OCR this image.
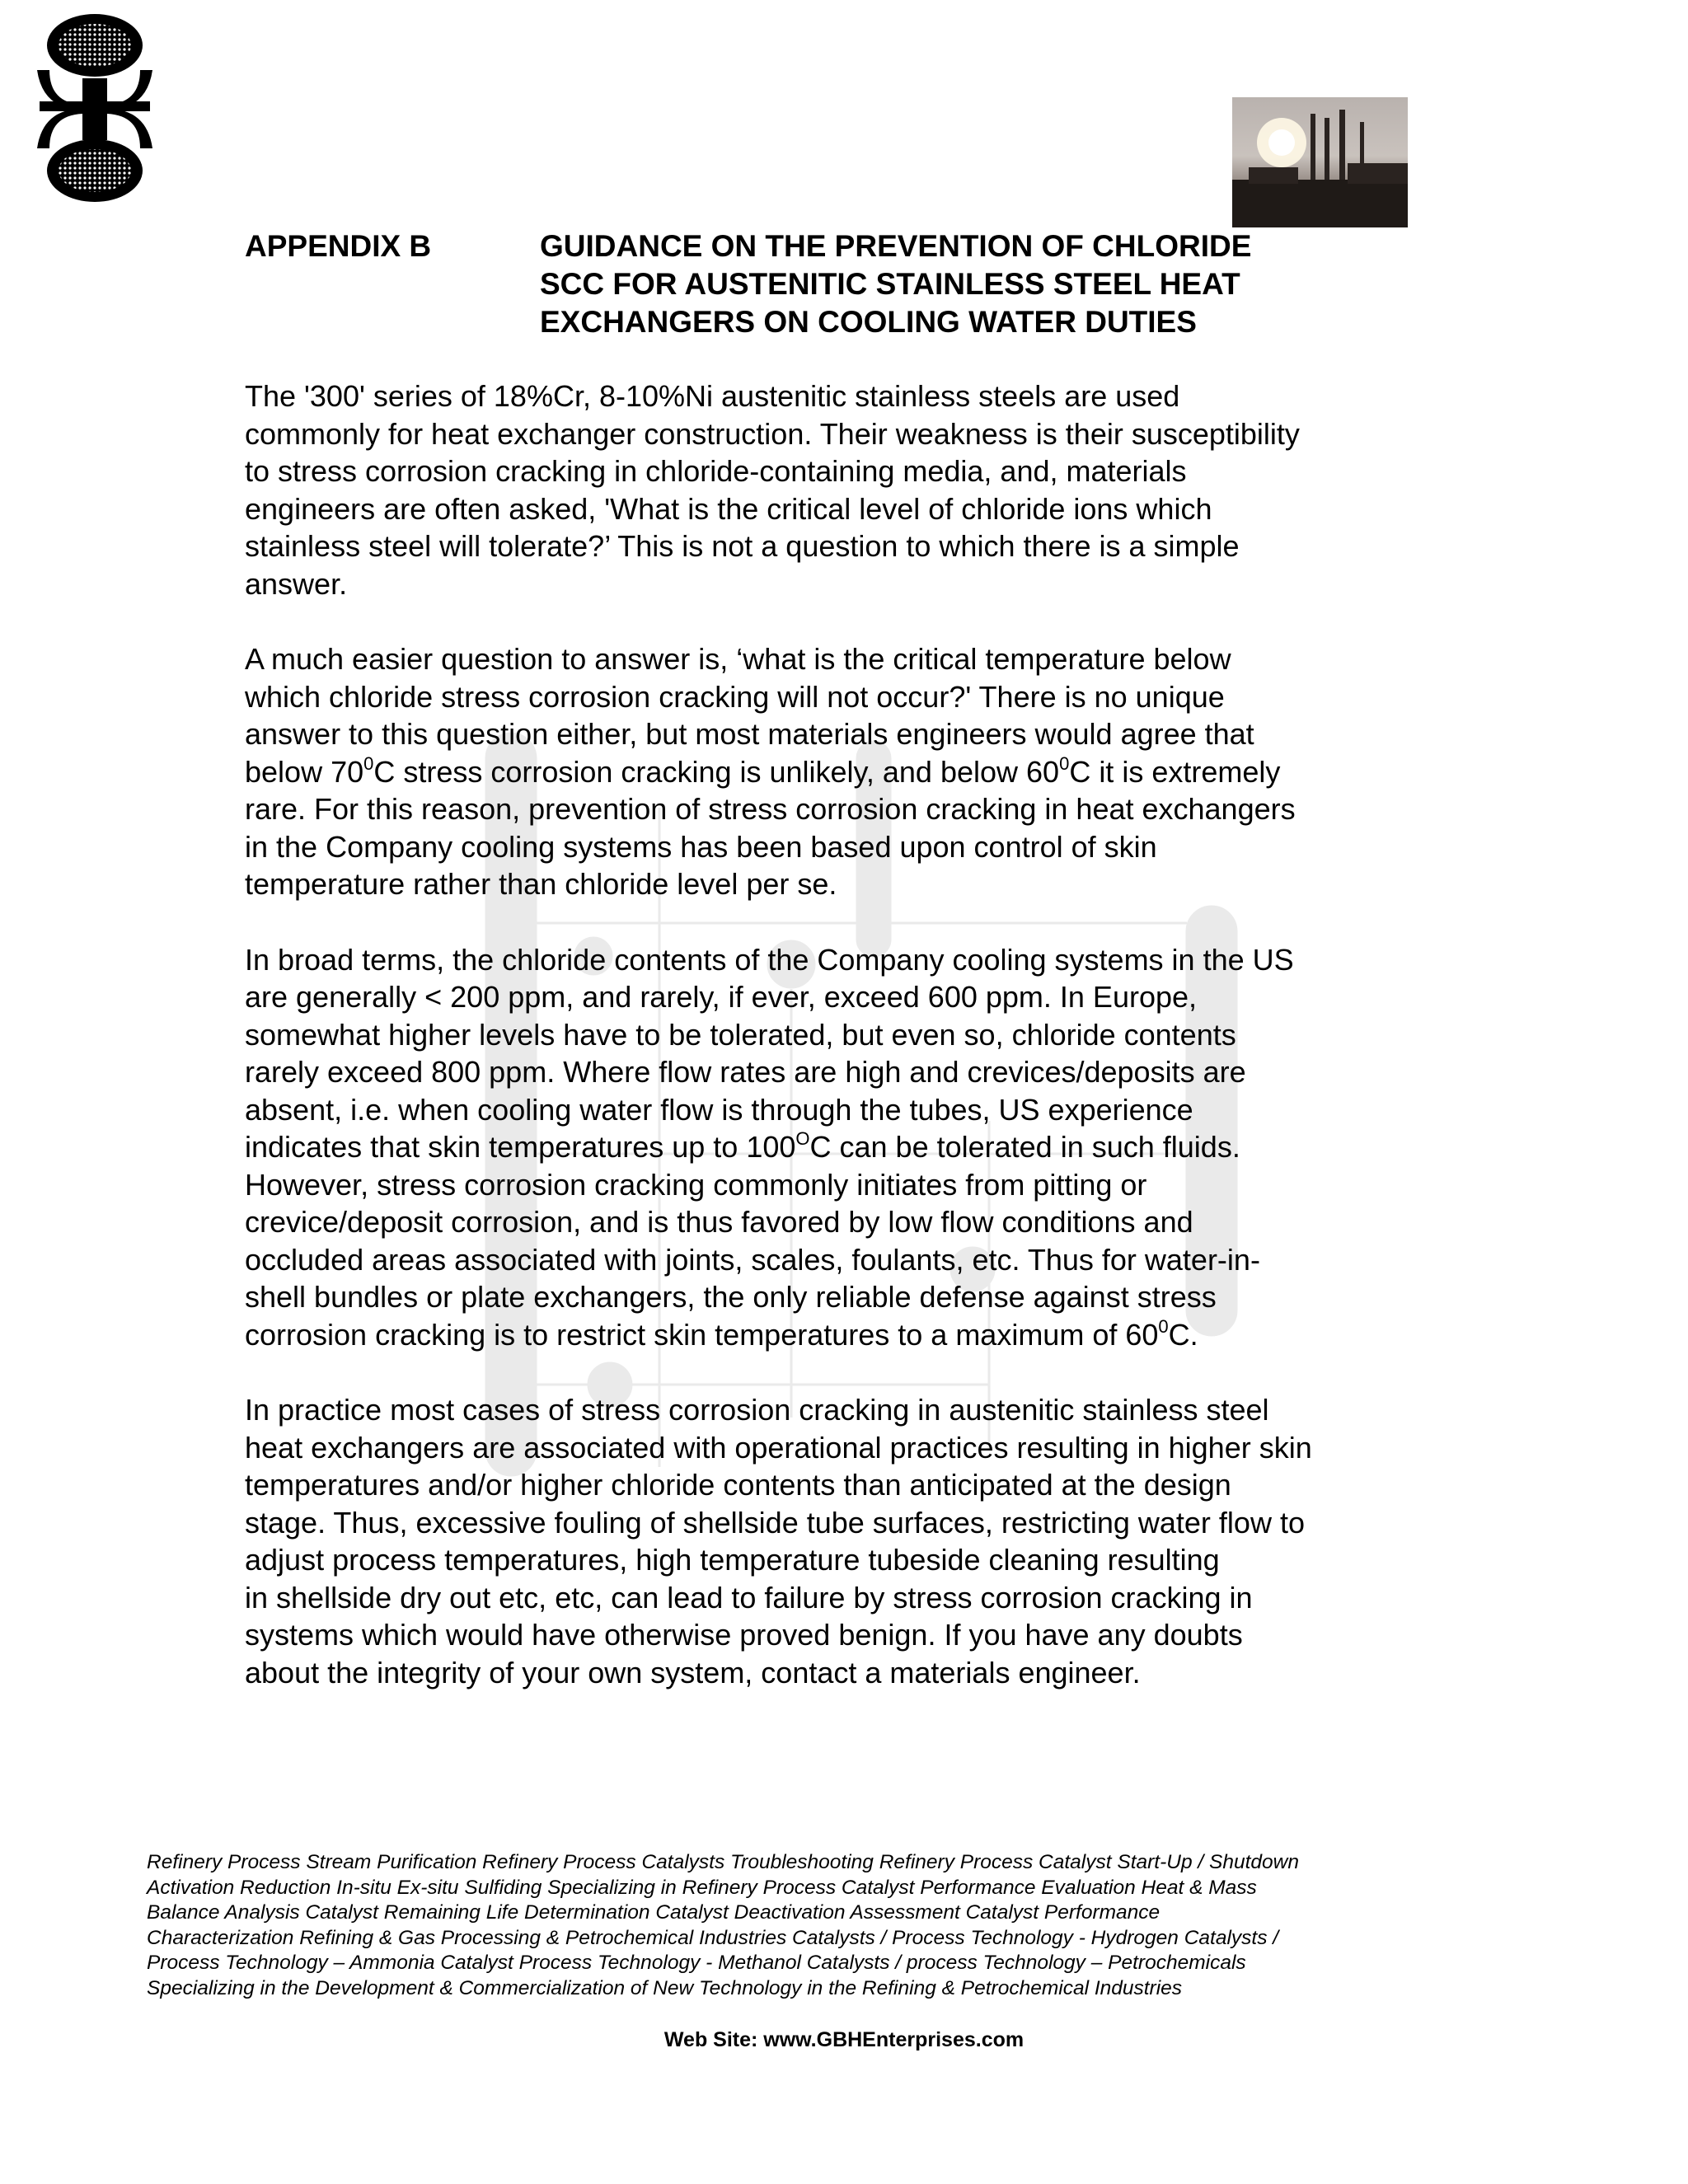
APPENDIX B	GUIDANCE ON THE PREVENTION OF CHLORIDE
SCC FOR AUSTENITIC STAINLESS STEEL HEAT
EXCHANGERS ON COOLING WATER DUTIES

The '300' series of 18%Cr, 8-10%Ni austenitic stainless steels are used
commonly for heat exchanger construction. Their weakness is their susceptibility
to stress corrosion cracking in chloride-containing media, and, materials
engineers are often asked, 'What is the critical level of chloride ions which
stainless steel will tolerate?’ This is not a question to which there is a simple
answer.

A much easier question to answer is, ‘what is the critical temperature below
which chloride stress corrosion cracking will not occur?' There is no unique
answer to this question either, but most materials engineers would agree that
below $70^0C$ stress corrosion cracking is unlikely, and below $60^0C$ it is extremely
rare. For this reason, prevention of stress corrosion cracking in heat exchangers
in the Company cooling systems has been based upon control of skin
temperature rather than chloride level per se.

In broad terms, the chloride contents of the Company cooling systems in the US
are generally < 200 ppm, and rarely, if ever, exceed 600 ppm. In Europe,
somewhat higher levels have to be tolerated, but even so, chloride contents
rarely exceed 800 ppm. Where flow rates are high and crevices/deposits are
absent, i.e. when cooling water flow is through the tubes, US experience
indicates that skin temperatures up to $100^OC$ can be tolerated in such fluids.
However, stress corrosion cracking commonly initiates from pitting or
crevice/deposit corrosion, and is thus favored by low flow conditions and
occluded areas associated with joints, scales, foulants, etc. Thus for water-in-
shell bundles or plate exchangers, the only reliable defense against stress
corrosion cracking is to restrict skin temperatures to a maximum of $60^0C$.

In practice most cases of stress corrosion cracking in austenitic stainless steel
heat exchangers are associated with operational practices resulting in higher skin
temperatures and/or higher chloride contents than anticipated at the design
stage. Thus, excessive fouling of shellside tube surfaces, restricting water flow to
adjust process temperatures, high temperature tubeside cleaning resulting
in shellside dry out etc, etc, can lead to failure by stress corrosion cracking in
systems which would have otherwise proved benign. If you have any doubts
about the integrity of your own system, contact a materials engineer.

Refinery Process Stream Purification Refinery Process Catalysts Troubleshooting Refinery Process Catalyst Start-Up / Shutdown
Activation Reduction In-situ Ex-situ Sulfiding Specializing in Refinery Process Catalyst Performance Evaluation Heat & Mass
Balance Analysis Catalyst Remaining Life Determination Catalyst Deactivation Assessment Catalyst Performance
Characterization Refining & Gas Processing & Petrochemical Industries Catalysts / Process Technology - Hydrogen Catalysts /
Process Technology – Ammonia Catalyst Process Technology - Methanol Catalysts / process Technology – Petrochemicals
Specializing in the Development & Commercialization of New Technology in the Refining & Petrochemical Industries
Web Site: www.GBHEnterprises.com
